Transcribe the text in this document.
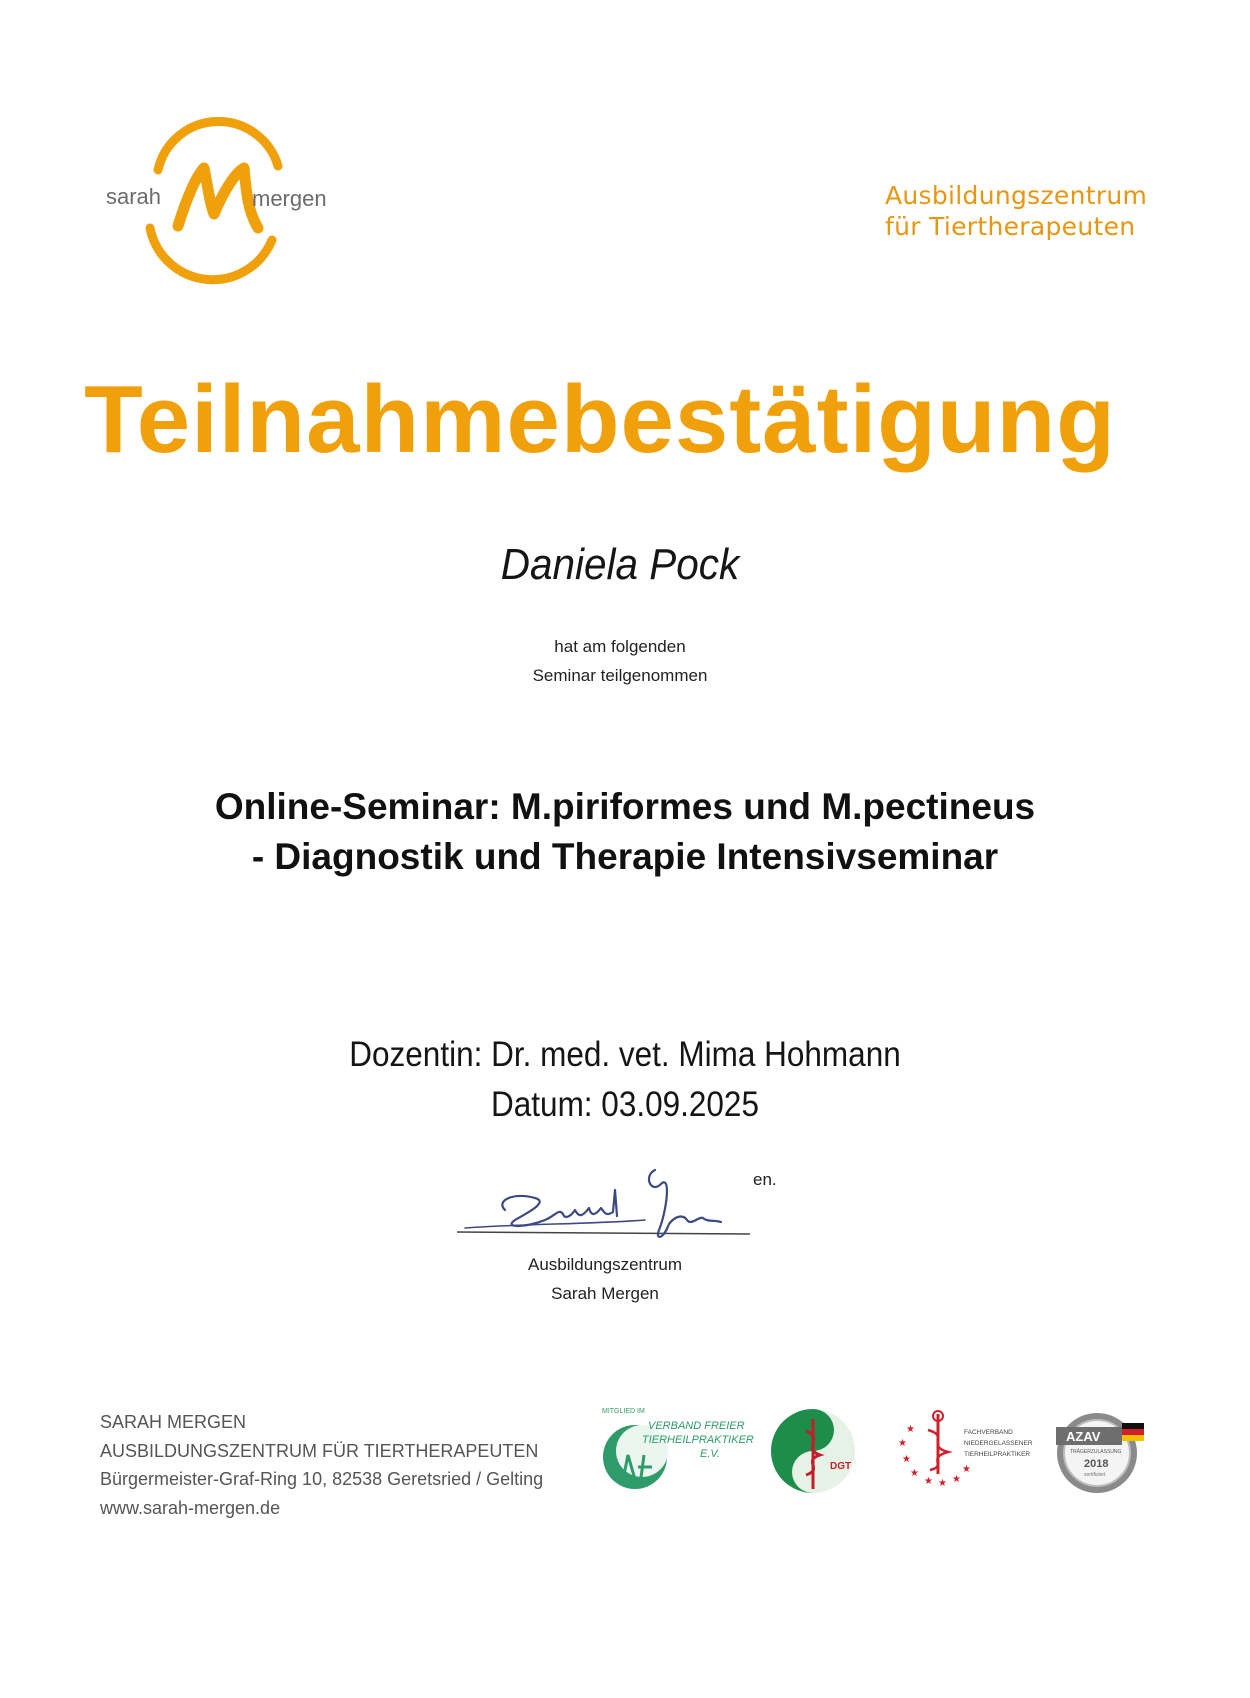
sarah	mergen	Ausbildungszentrum
für Tiertherapeuten
Teilnahmebestätigung
Daniela Pock
hat am folgenden
Seminar teilgenommen
Online-Seminar: M.piriformes und M.pectineus
- Diagnostik und Therapie Intensivseminar
Dozentin: Dr. med. vet. Mima Hohmann
Datum: 03.09.2025
en.
Ausbildungszentrum
Sarah Mergen
SARAH MERGEN
AUSBILDUNGSZENTRUM FÜR TIERTHERAPEUTEN
Bürgermeister-Graf-Ring 10, 82538 Geretsried / Gelting
www.sarah-mergen.de
MITGLIED IM
VERBAND FREIER
TIERHEILPRAKTIKER
E.V.
DGT
★
★
★
★ ★ ★
★
★	FACHVERBAND
NIEDERGELASSENER
TIERHEILPRAKTIKER
AZAV
TRÄGERZULASSUNG
2018
zertifiziert
